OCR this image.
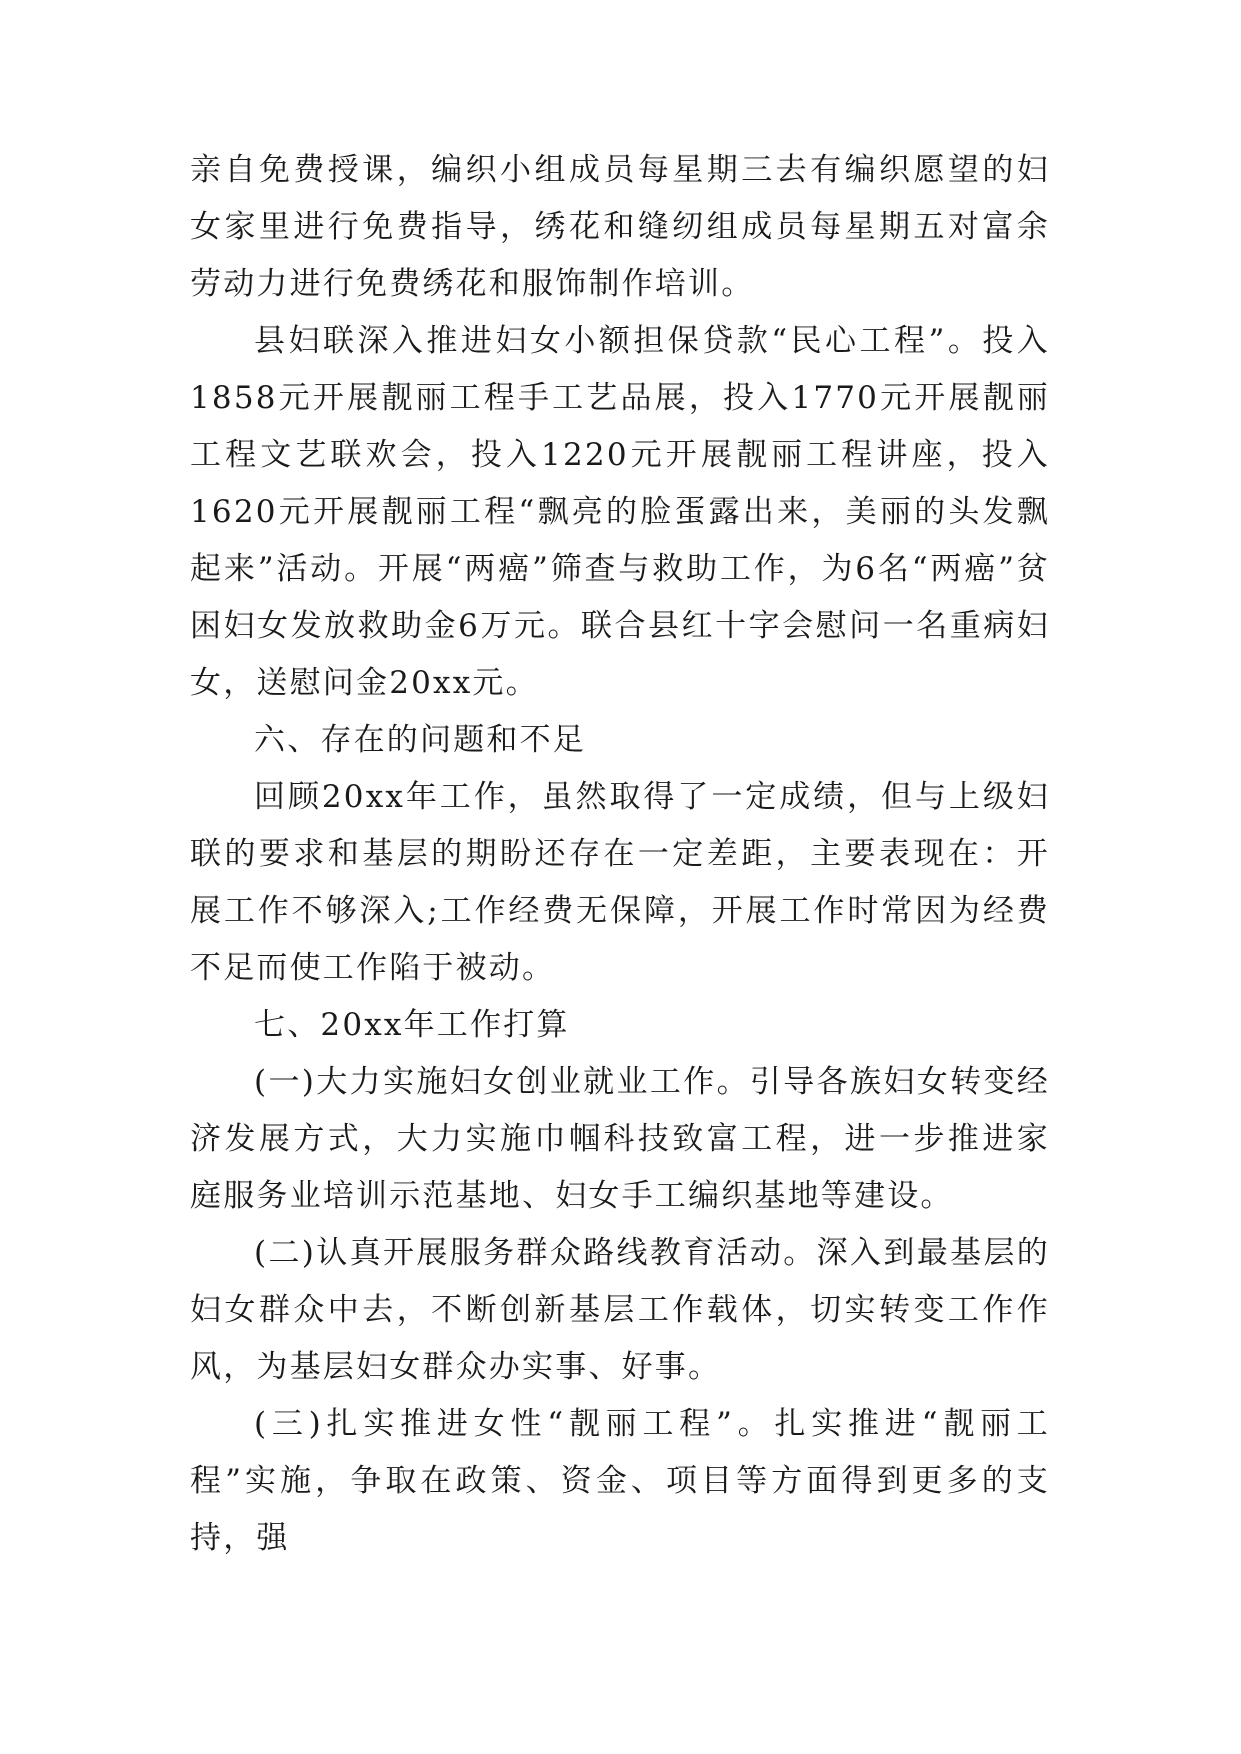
亲自免费授课，编织小组成员每星期三去有编织愿望的妇女家里进行免费指导，绣花和缝纫组成员每星期五对富余劳动力进行免费绣花和服饰制作培训。

县妇联深入推进妇女小额担保贷款“民心工程”。投入1858元开展靓丽工程手工艺品展，投入1770元开展靓丽工程文艺联欢会，投入1220元开展靓丽工程讲座，投入1620元开展靓丽工程“飘亮的脸蛋露出来，美丽的头发飘起来”活动。开展“两癌”筛查与救助工作，为6名“两癌”贫困妇女发放救助金6万元。联合县红十字会慰问一名重病妇女，送慰问金20xx元。

六、存在的问题和不足

回顾20xx年工作，虽然取得了一定成绩，但与上级妇联的要求和基层的期盼还存在一定差距，主要表现在：开展工作不够深入;工作经费无保障，开展工作时常因为经费不足而使工作陷于被动。

七、20xx年工作打算

(一)大力实施妇女创业就业工作。引导各族妇女转变经济发展方式，大力实施巾帼科技致富工程，进一步推进家庭服务业培训示范基地、妇女手工编织基地等建设。

(二)认真开展服务群众路线教育活动。深入到最基层的妇女群众中去，不断创新基层工作载体，切实转变工作作风，为基层妇女群众办实事、好事。

(三)扎实推进女性“靓丽工程”。扎实推进“靓丽工程”实施，争取在政策、资金、项目等方面得到更多的支持，强
